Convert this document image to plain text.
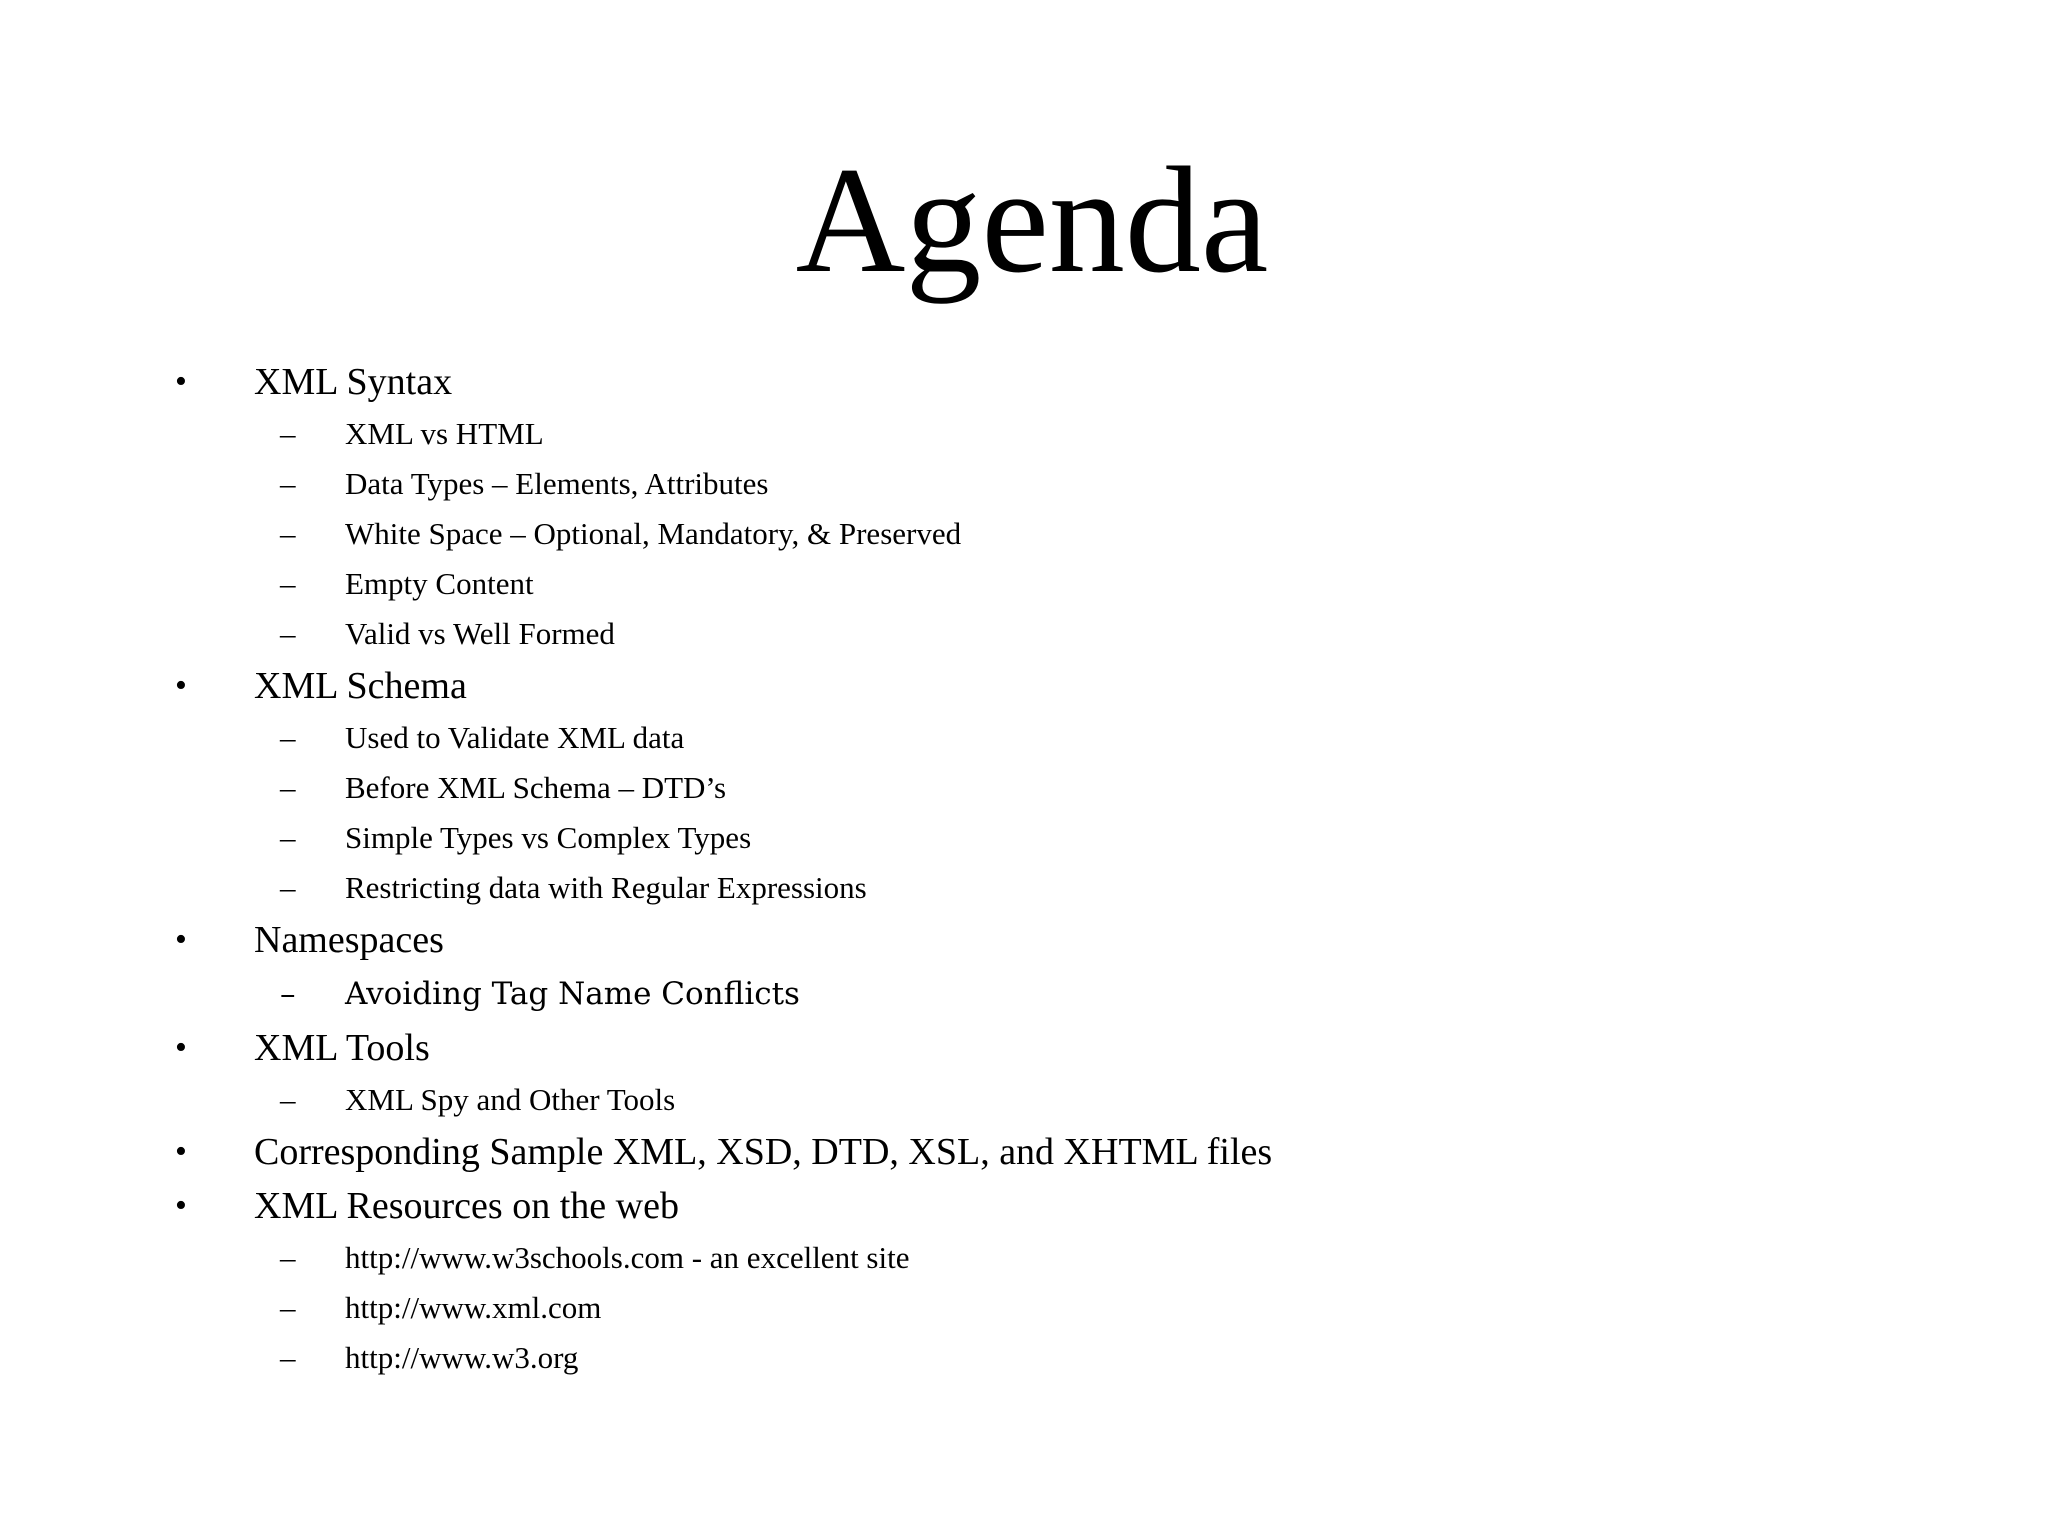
Agenda
• XML Syntax
– XML vs HTML
– Data Types – Elements, Attributes
– White Space – Optional, Mandatory, & Preserved
– Empty Content
– Valid vs Well Formed
• XML Schema
– Used to Validate XML data
– Before XML Schema – DTD’s
– Simple Types vs Complex Types
– Restricting data with Regular Expressions
• Namespaces
– Avoiding Tag Name Conflicts
• XML Tools
– XML Spy and Other Tools
• Corresponding Sample XML, XSD, DTD, XSL, and XHTML files
• XML Resources on the web
– http://www.w3schools.com - an excellent site
– http://www.xml.com
– http://www.w3.org
